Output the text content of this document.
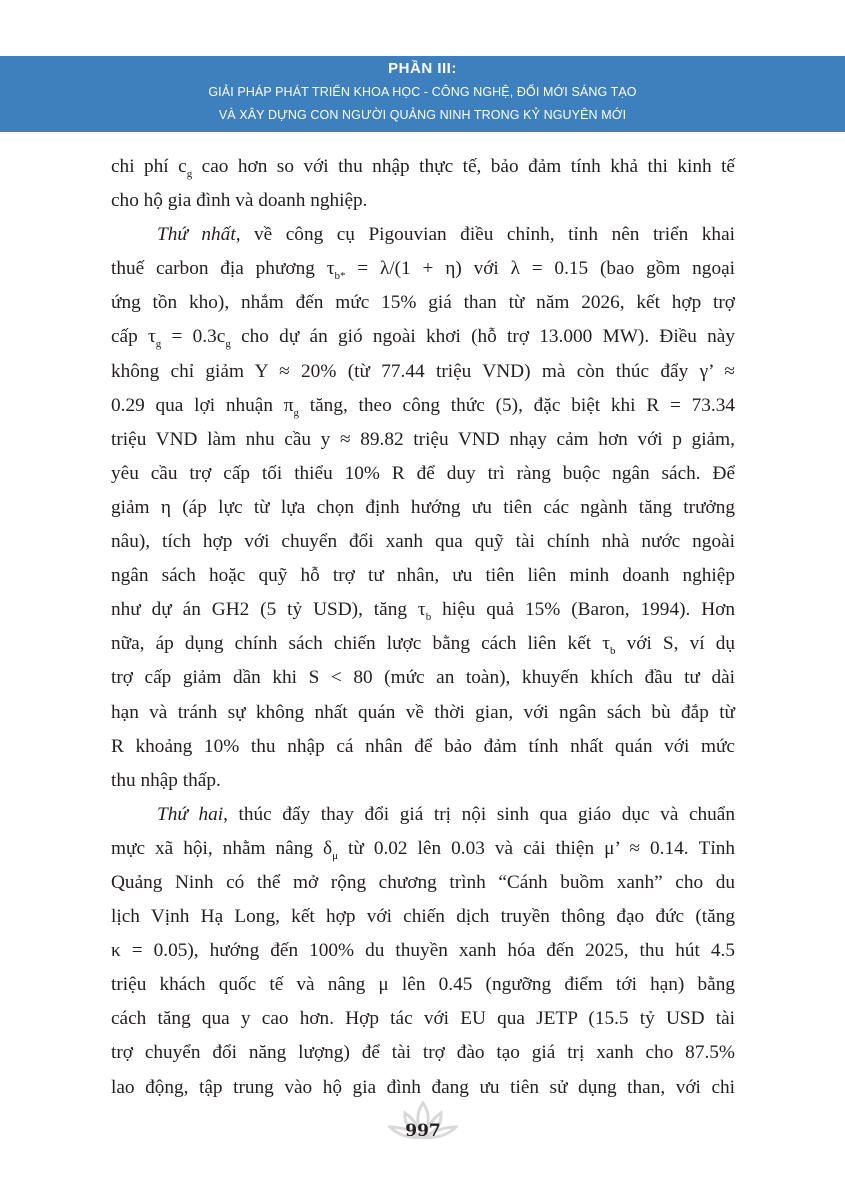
PHẦN III:
GIẢI PHÁP PHÁT TRIỂN KHOA HỌC - CÔNG NGHỆ, ĐỔI MỚI SÁNG TẠO
VÀ XÂY DỰNG CON NGƯỜI QUẢNG NINH TRONG KỶ NGUYÊN MỚI

chi phí $c_g$ cao hơn so với thu nhập thực tế, bảo đảm tính khả thi kinh tế
cho hộ gia đình và doanh nghiệp.

Thứ nhất, về công cụ Pigouvian điều chỉnh, tỉnh nên triển khai
thuế carbon địa phương $\tau_{b*} = \lambda/(1 + \eta)$ với λ = 0.15 (bao gồm ngoại
ứng tồn kho), nhắm đến mức 15% giá than từ năm 2026, kết hợp trợ
cấp $\tau_g = 0.3c_g$ cho dự án gió ngoài khơi (hỗ trợ 13.000 MW). Điều này
không chỉ giảm Y ≈ 20% (từ 77.44 triệu VND) mà còn thúc đẩy γ’ ≈
0.29 qua lợi nhuận $\pi_g$ tăng, theo công thức (5), đặc biệt khi R = 73.34
triệu VND làm nhu cầu y ≈ 89.82 triệu VND nhạy cảm hơn với p giảm,
yêu cầu trợ cấp tối thiểu 10% R để duy trì ràng buộc ngân sách. Để
giảm η (áp lực từ lựa chọn định hướng ưu tiên các ngành tăng trưởng
nâu), tích hợp với chuyển đổi xanh qua quỹ tài chính nhà nước ngoài
ngân sách hoặc quỹ hỗ trợ tư nhân, ưu tiên liên minh doanh nghiệp
như dự án GH2 (5 tỷ USD), tăng $\tau_b$ hiệu quả 15% (Baron, 1994). Hơn
nữa, áp dụng chính sách chiến lược bằng cách liên kết $\tau_b$ với S, ví dụ
trợ cấp giảm dần khi S < 80 (mức an toàn), khuyến khích đầu tư dài
hạn và tránh sự không nhất quán về thời gian, với ngân sách bù đắp từ
R khoảng 10% thu nhập cá nhân để bảo đảm tính nhất quán với mức
thu nhập thấp.

Thứ hai, thúc đẩy thay đổi giá trị nội sinh qua giáo dục và chuẩn
mực xã hội, nhằm nâng $\delta_\mu$ từ 0.02 lên 0.03 và cải thiện μ’ ≈ 0.14. Tỉnh
Quảng Ninh có thể mở rộng chương trình “Cánh buồm xanh” cho du
lịch Vịnh Hạ Long, kết hợp với chiến dịch truyền thông đạo đức (tăng
κ = 0.05), hướng đến 100% du thuyền xanh hóa đến 2025, thu hút 4.5
triệu khách quốc tế và nâng μ lên 0.45 (ngưỡng điểm tới hạn) bằng
cách tăng qua y cao hơn. Hợp tác với EU qua JETP (15.5 tỷ USD tài
trợ chuyển đổi năng lượng) để tài trợ đào tạo giá trị xanh cho 87.5%
lao động, tập trung vào hộ gia đình đang ưu tiên sử dụng than, với chi

997
